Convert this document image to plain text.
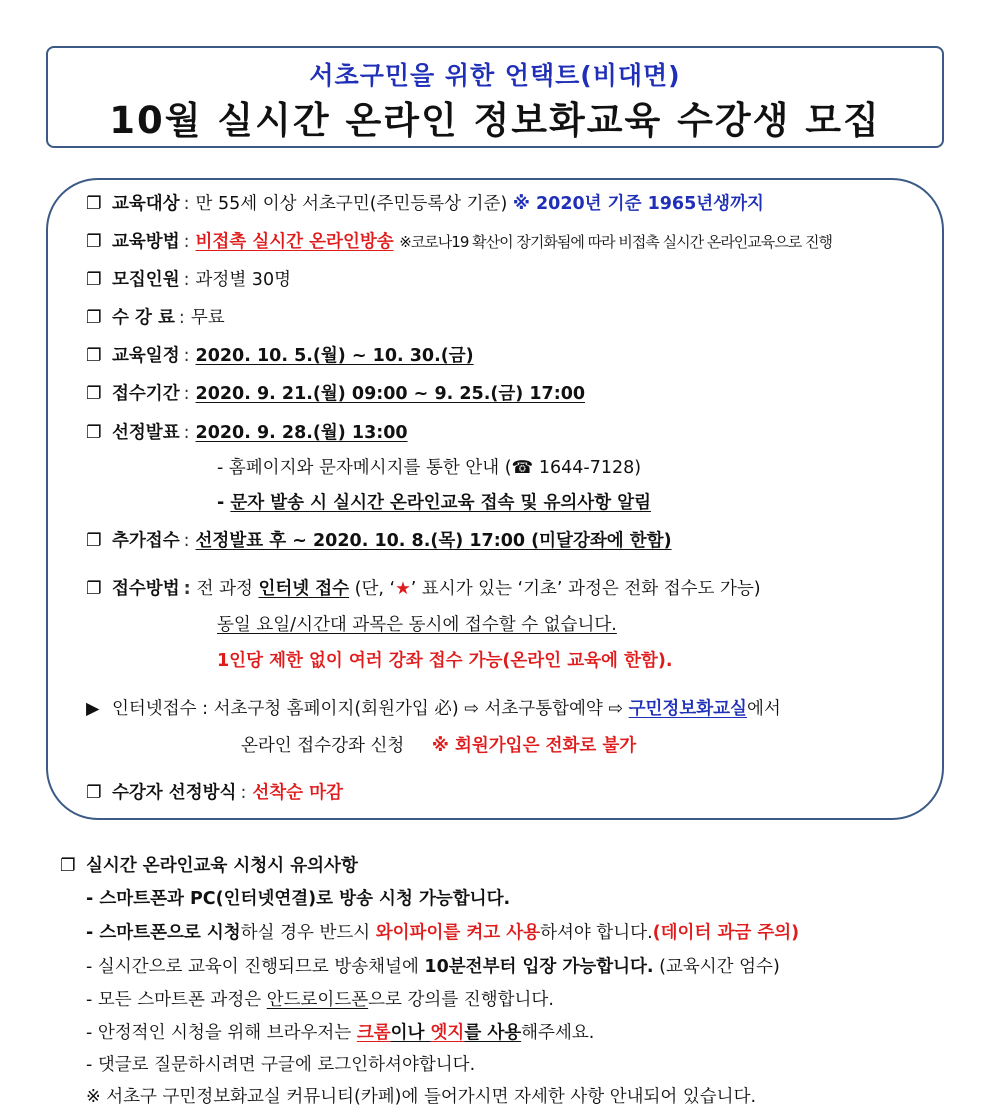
서초구민을 위한 언택트(비대면)
10월 실시간 온라인 정보화교육 수강생 모집
❐ 교육대상 : 만 55세 이상 서초구민(주민등록상 기준) ※ 2020년 기준 1965년생까지
❐ 교육방법 : 비접촉 실시간 온라인방송 ※코로나19 확산이 장기화됨에 따라 비접촉 실시간 온라인교육으로 진행
❐ 모집인원 : 과정별 30명
❐ 수 강 료 : 무료
❐ 교육일정 : 2020. 10. 5.(월) ~ 10. 30.(금)
❐ 접수기간 : 2020. 9. 21.(월) 09:00 ~ 9. 25.(금) 17:00
❐ 선정발표 : 2020. 9. 28.(월) 13:00
- 홈페이지와 문자메시지를 통한 안내 (☎ 1644-7128)
- 문자 발송 시 실시간 온라인교육 접속 및 유의사항 알림
❐ 추가접수 : 선정발표 후 ~ 2020. 10. 8.(목) 17:00 (미달강좌에 한함)
❐ 접수방법 : 전 과정 인터넷 접수 (단, ‘★’ 표시가 있는 ‘기초’ 과정은 전화 접수도 가능)
동일 요일/시간대 과목은 동시에 접수할 수 없습니다.
1인당 제한 없이 여러 강좌 접수 가능(온라인 교육에 한함).
▶ 인터넷접수 : 서초구청 홈페이지(회원가입 必) ⇨ 서초구통합예약 ⇨ 구민정보화교실에서
온라인 접수강좌 신청 ※ 회원가입은 전화로 불가
❐ 수강자 선정방식 : 선착순 마감
❐ 실시간 온라인교육 시청시 유의사항
- 스마트폰과 PC(인터넷연결)로 방송 시청 가능합니다.
- 스마트폰으로 시청하실 경우 반드시 와이파이를 켜고 사용하셔야 합니다.(데이터 과금 주의)
- 실시간으로 교육이 진행되므로 방송채널에 10분전부터 입장 가능합니다. (교육시간 엄수)
- 모든 스마트폰 과정은 안드로이드폰으로 강의를 진행합니다.
- 안정적인 시청을 위해 브라우저는 크롬이나 엣지를 사용해주세요.
- 댓글로 질문하시려면 구글에 로그인하셔야합니다.
※ 서초구 구민정보화교실 커뮤니티(카페)에 들어가시면 자세한 사항 안내되어 있습니다.
